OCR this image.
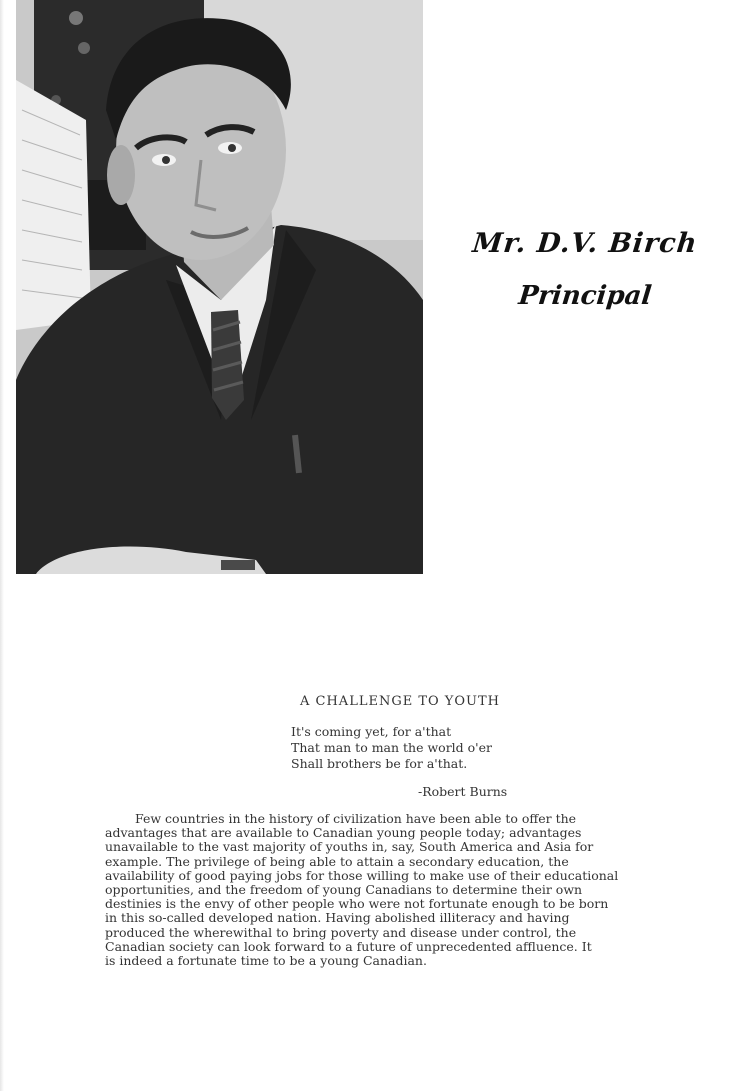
Mr. D.V. Birch
Principal
A CHALLENGE TO YOUTH
It's coming yet, for a'that
That man to man the world o'er
Shall brothers be for a'that.
-Robert Burns
Few countries in the history of civilization have been able to offer the
advantages that are available to Canadian young people today; advantages
unavailable to the vast majority of youths in, say, South America and Asia for
example. The privilege of being able to attain a secondary education, the
availability of good paying jobs for those willing to make use of their educational
opportunities, and the freedom of young Canadians to determine their own
destinies is the envy of other people who were not fortunate enough to be born
in this so-called developed nation. Having abolished illiteracy and having
produced the wherewithal to bring poverty and disease under control, the
Canadian society can look forward to a future of unprecedented affluence. It
is indeed a fortunate time to be a young Canadian.
